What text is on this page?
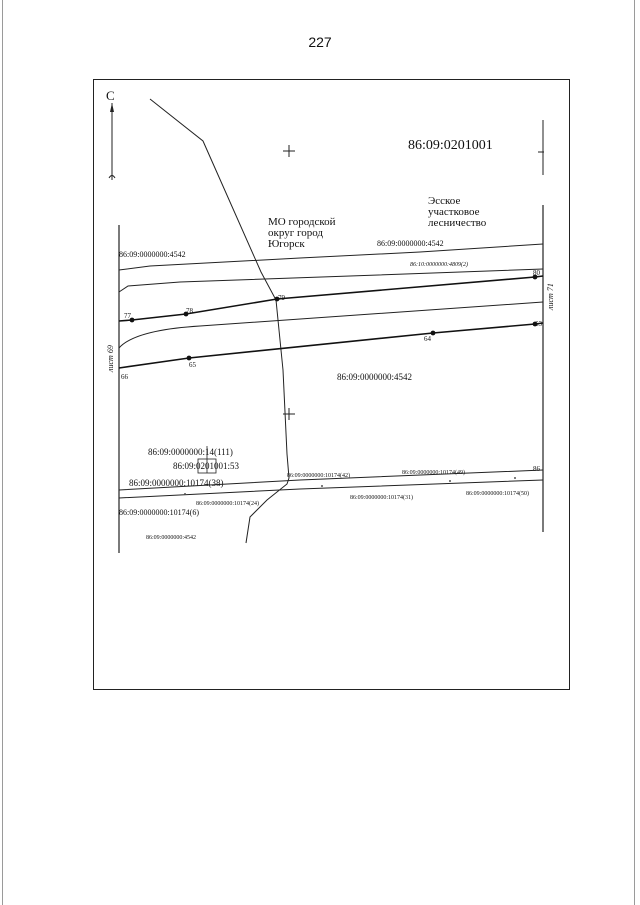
227
С
86:09:0201001
77
78
79
80
66
65
64
63
86
МО городской
округ город
Югорск
Эсское
участковое
лесничество
86:09:0000000:4542
86:09:0000000:4542
86:10:0000000:4809(2)
86:09:0000000:4542
86:09:0000000:14(111)
86:09:0201001:53
86:09:0000000:10174(38)
86:09:0000000:10174(42)	86:09:0000000:10174(49)
86:09:0000000:10174(24)
86:09:0000000:10174(31)
86:09:0000000:10174(50)
86:09:0000000:10174(6)
86:09:0000000:4542
лист 69
лист 71
